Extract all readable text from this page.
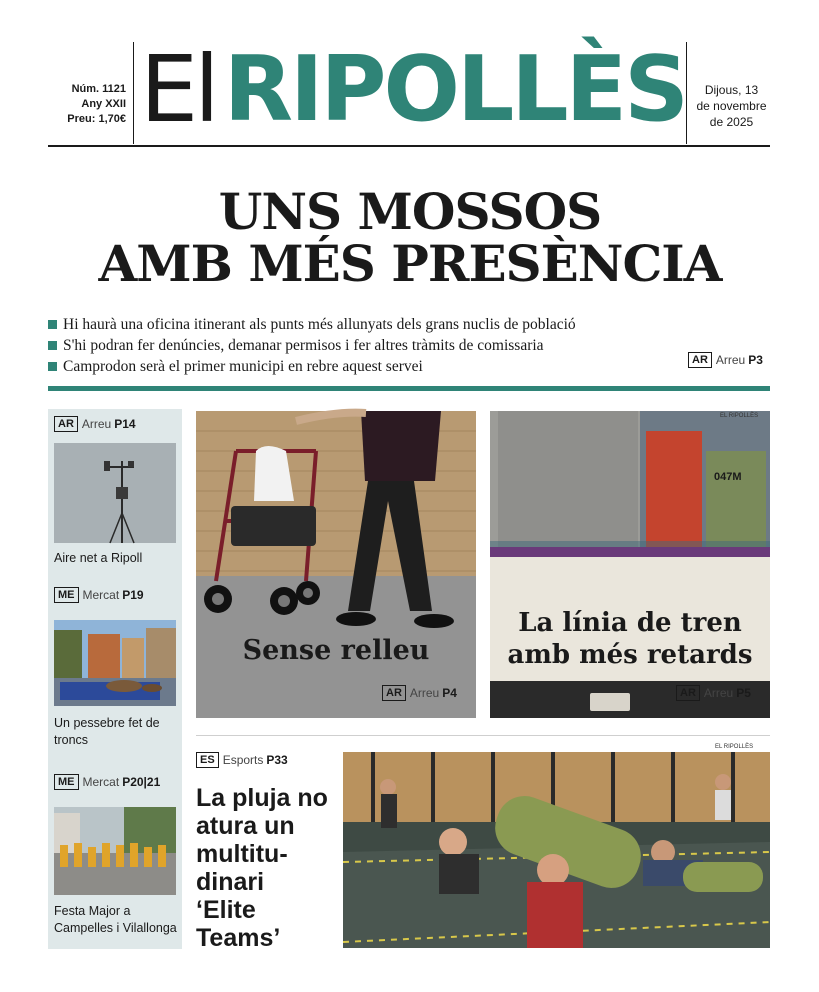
Núm. 1121
Any XXII
Preu: 1,70€ El RIPOLLÈS	Dijous, 13
de novembre
de 2025
UNS MOSSOS
AMB MÉS PRESÈNCIA
Hi haurà una oficina itinerant als punts més allunyats dels grans nuclis de població
S'hi podran fer denúncies, demanar permisos i fer altres tràmits de comissaria
Camprodon serà el primer municipi en rebre aquest servei	AR Arreu P3
AR Arreu P14
Aire net a Ripoll
ME Mercat P19
Un pessebre fet de troncs
ME Mercat P20|21
Festa Major a Campelles i Vilallonga
Sense relleu
AR Arreu P4
EL RIPOLLÈS
047M
La línia de tren
amb més retards
AR Arreu P5
ES Esports P33
La pluja no
atura un
multitu-
dinari
‘Elite
Teams’
EL RIPOLLÈS
